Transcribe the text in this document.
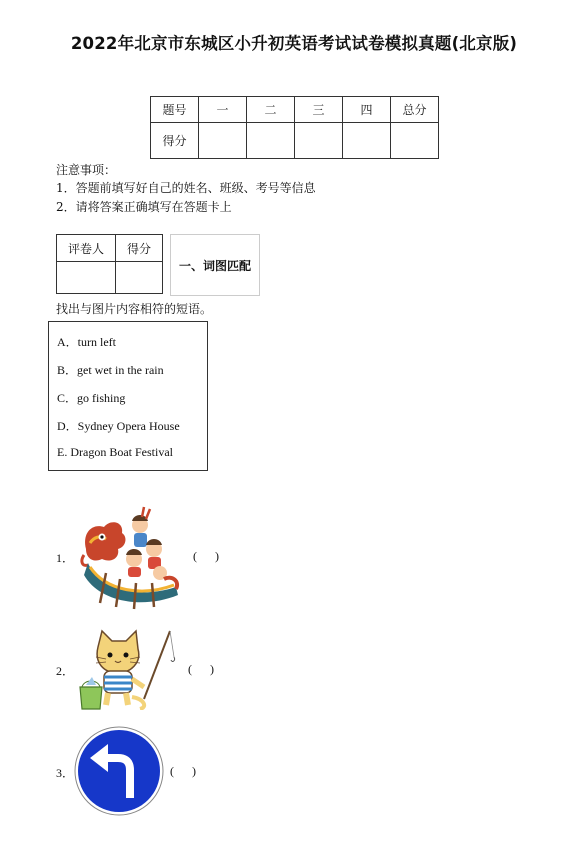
2022年北京市东城区小升初英语考试试卷模拟真题(北京版)
题号	一	二	三	四	总分
得分					
注意事项：
1．答题前填写好自己的姓名、班级、考号等信息
2．请将答案正确填写在答题卡上
评卷人	得分

一、词图匹配
找出与图片内容相符的短语。
A．turn left
B．get wet in the rain
C．go fishing
D．Sydney Opera House
E. Dragon Boat Festival
1．	(      )
2．	(      )
3．	(      )
